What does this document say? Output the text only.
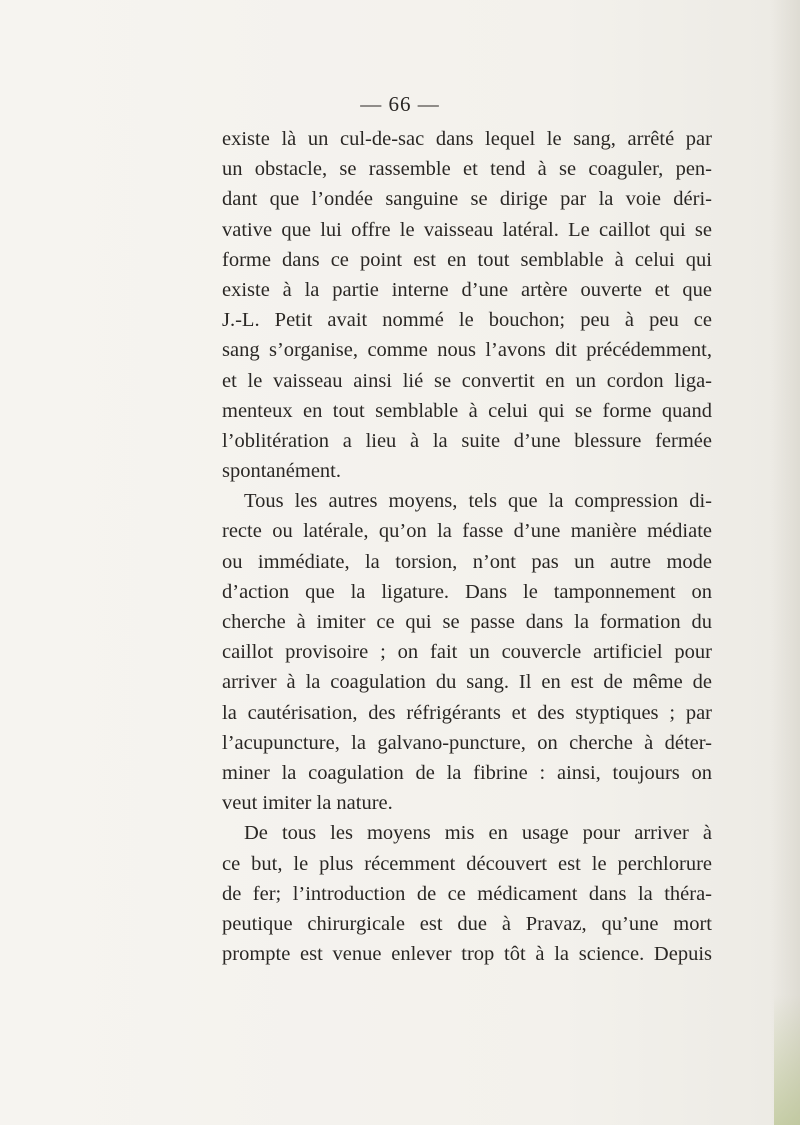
— 66 —
existe là un cul-de-sac dans lequel le sang, arrêté par
un obstacle, se rassemble et tend à se coaguler, pen-
dant que l’ondée sanguine se dirige par la voie déri-
vative que lui offre le vaisseau latéral. Le caillot qui se
forme dans ce point est en tout semblable à celui qui
existe à la partie interne d’une artère ouverte et que
J.-L. Petit avait nommé le bouchon; peu à peu ce
sang s’organise, comme nous l’avons dit précédemment,
et le vaisseau ainsi lié se convertit en un cordon liga-
menteux en tout semblable à celui qui se forme quand
l’oblitération a lieu à la suite d’une blessure fermée
spontanément.
Tous les autres moyens, tels que la compression di-
recte ou latérale, qu’on la fasse d’une manière médiate
ou immédiate, la torsion, n’ont pas un autre mode
d’action que la ligature. Dans le tamponnement on
cherche à imiter ce qui se passe dans la formation du
caillot provisoire ; on fait un couvercle artificiel pour
arriver à la coagulation du sang. Il en est de même de
la cautérisation, des réfrigérants et des styptiques ; par
l’acupuncture, la galvano-puncture, on cherche à déter-
miner la coagulation de la fibrine : ainsi, toujours on
veut imiter la nature.
De tous les moyens mis en usage pour arriver à
ce but, le plus récemment découvert est le perchlorure
de fer; l’introduction de ce médicament dans la théra-
peutique chirurgicale est due à Pravaz, qu’une mort
prompte est venue enlever trop tôt à la science. Depuis
